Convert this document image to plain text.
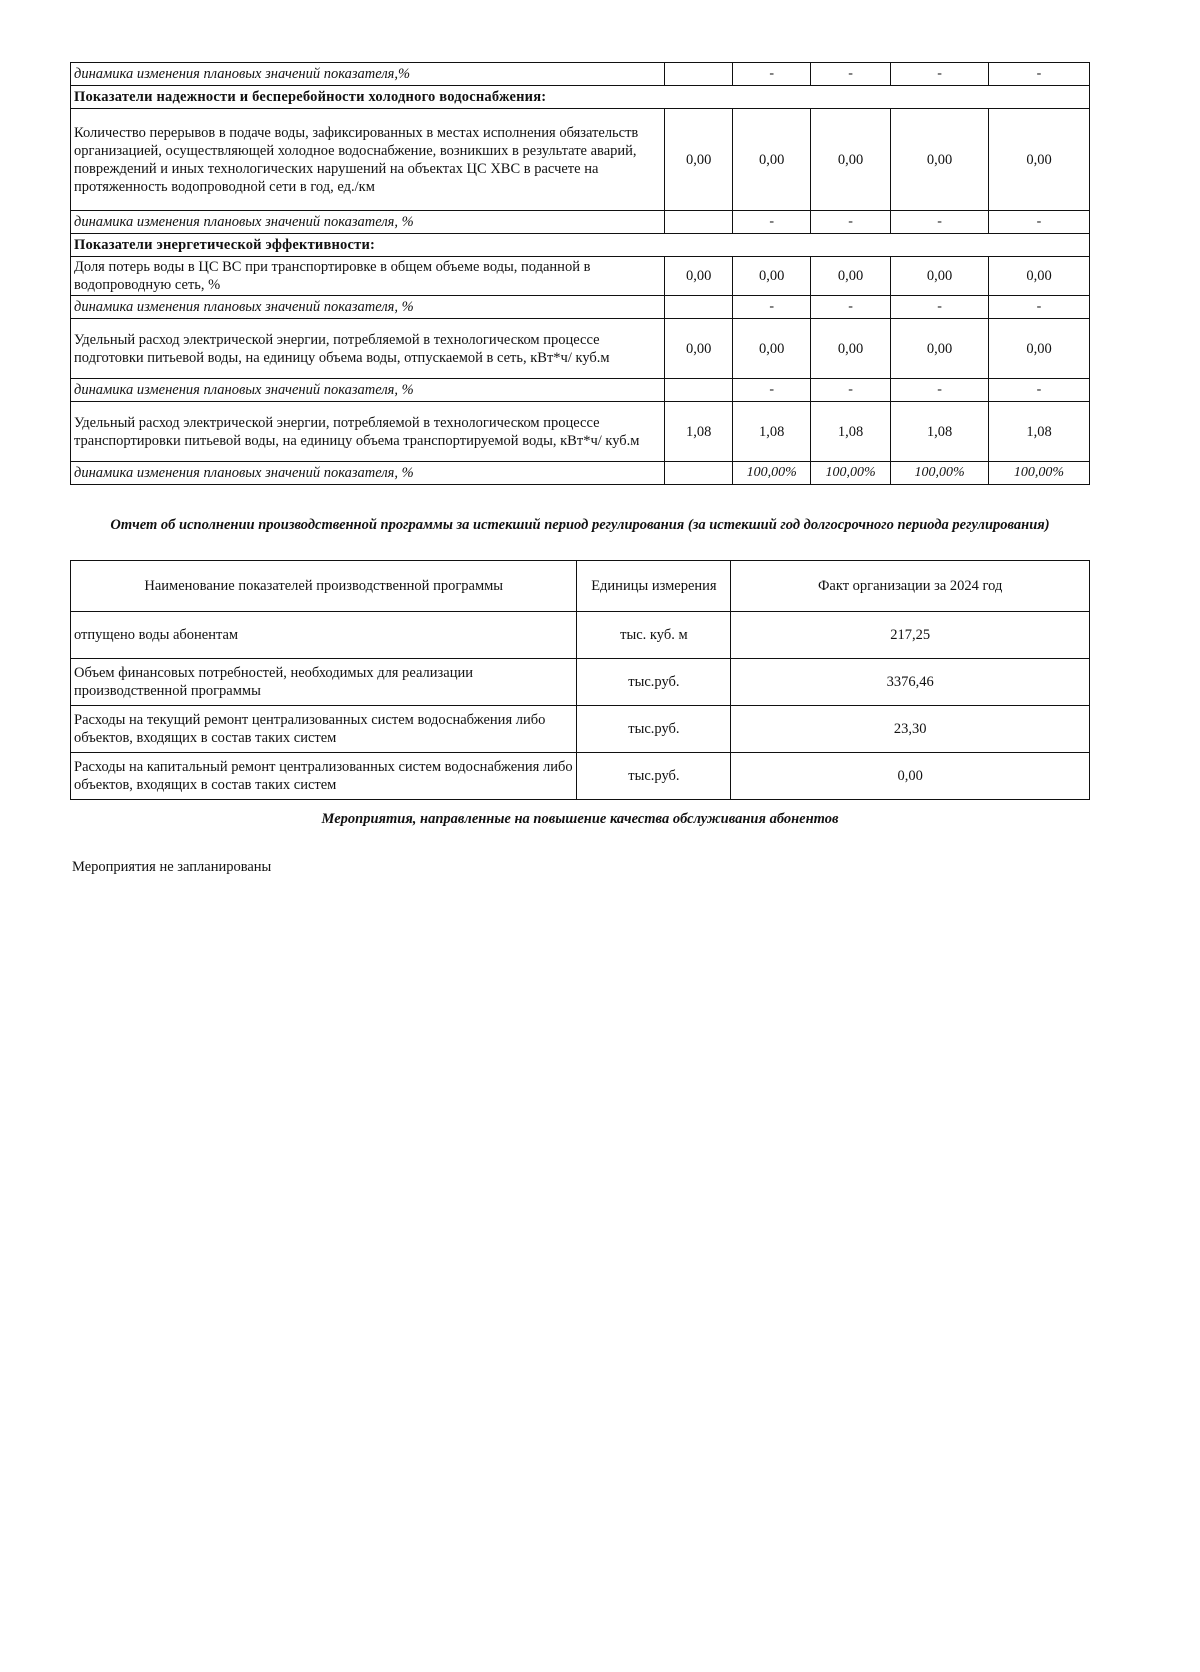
динамика изменения плановых значений показателя,%		-	-	-	-
Показатели надежности и бесперебойности холодного водоснабжения:					
Количество перерывов в подаче воды, зафиксированных в местах исполнения обязательств организацией, осуществляющей холодное водоснабжение, возникших в результате аварий, повреждений и иных технологических нарушений на объектах ЦС ХВС в расчете на протяженность водопроводной сети в год, ед./км	0,00	0,00	0,00	0,00	0,00
динамика изменения плановых значений показателя, %		-	-	-	-
Показатели энергетической эффективности:					
Доля потерь воды в ЦС ВС при транспортировке в общем объеме воды, поданной в водопроводную сеть, %	0,00	0,00	0,00	0,00	0,00
динамика изменения плановых значений показателя, %		-	-	-	-
Удельный расход электрической энергии, потребляемой в технологическом процессе подготовки питьевой воды, на единицу объема воды, отпускаемой в сеть, кВт*ч/ куб.м	0,00	0,00	0,00	0,00	0,00
динамика изменения плановых значений показателя, %		-	-	-	-
Удельный расход электрической энергии, потребляемой в технологическом процессе транспортировки питьевой воды, на единицу объема транспортируемой воды, кВт*ч/ куб.м	1,08	1,08	1,08	1,08	1,08
динамика изменения плановых значений показателя, %		100,00%	100,00%	100,00%	100,00%
Отчет об исполнении производственной программы за истекший период регулирования (за истекший год долгосрочного периода регулирования)
Наименование показателей производственной программы	Единицы измерения	Факт организации за 2024 год
отпущено воды абонентам	тыс. куб. м	217,25
Объем финансовых потребностей, необходимых для реализации производственной программы	тыс.руб.	3376,46
Расходы на текущий ремонт централизованных систем водоснабжения либо объектов, входящих в состав таких систем	тыс.руб.	23,30
Расходы на капитальный ремонт централизованных систем водоснабжения либо объектов, входящих в состав таких систем	тыс.руб.	0,00
Мероприятия, направленные на повышение качества обслуживания абонентов
Мероприятия не запланированы
